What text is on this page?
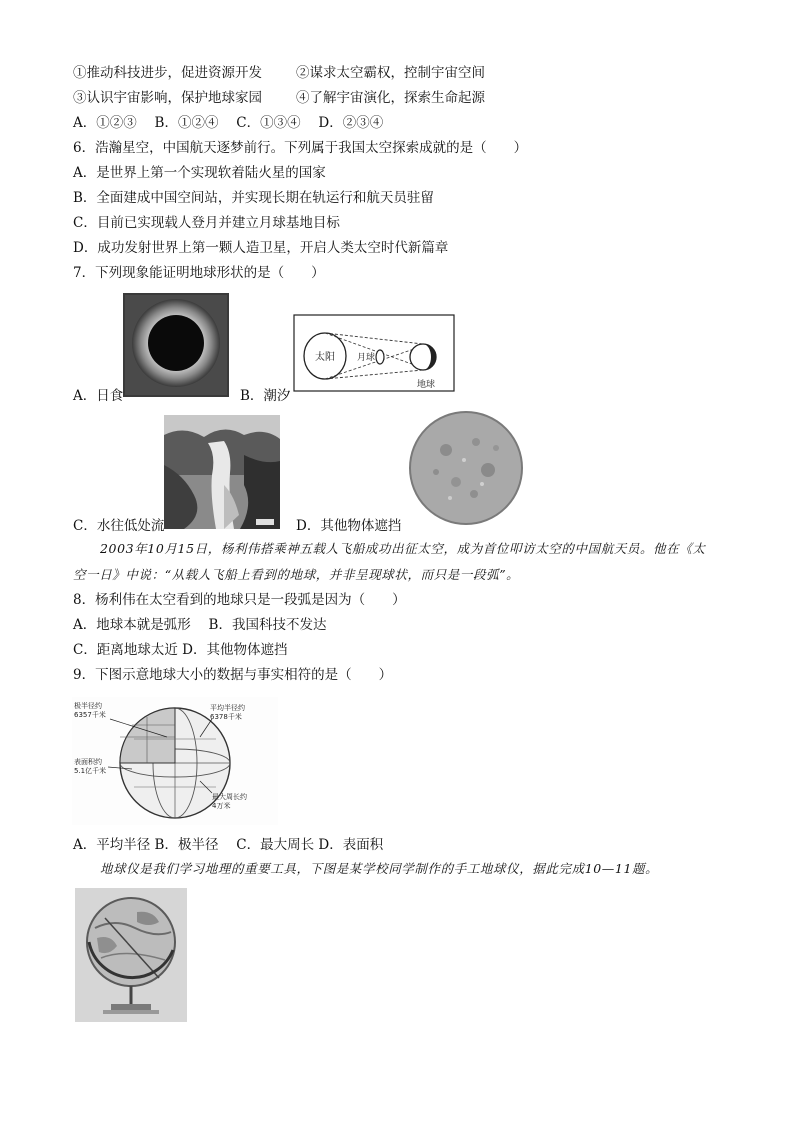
①推动科技进步，促进资源开发	②谋求太空霸权，控制宇宙空间
③认识宇宙影响，保护地球家园	④了解宇宙演化，探索生命起源
A．①②③　 B．①②④　 C．①③④　 D．②③④
6．浩瀚星空，中国航天逐梦前行。下列属于我国太空探索成就的是（　　）
A．是世界上第一个实现软着陆火星的国家
B．全面建成中国空间站，并实现长期在轨运行和航天员驻留
C．目前已实现载人登月并建立月球基地目标
D．成功发射世界上第一颗人造卫星，开启人类太空时代新篇章
7．下列现象能证明地球形状的是（　　）
A．日食
太阳 月球
地球
B．潮汐
C．水往低处流	D．其他物体遮挡
2003年10月15日，杨利伟搭乘神五载人飞船成功出征太空，成为首位叩访太空的中国航天员。他在《太
空一日》中说：“从载人飞船上看到的地球，并非呈现球状，而只是一段弧”。
8．杨利伟在太空看到的地球只是一段弧是因为（　　）
A．地球本就是弧形　 B．我国科技不发达
C．距离地球太近 D．其他物体遮挡
9．下图示意地球大小的数据与事实相符的是（　　）
极半径约
6357千米
平均半径约
6378千米
表面积约
5.1亿千米
最大周长约
4万米
A．平均半径 B．极半径　 C．最大周长 D．表面积
地球仪是我们学习地理的重要工具，下图是某学校同学制作的手工地球仪，据此完成10—11题。
